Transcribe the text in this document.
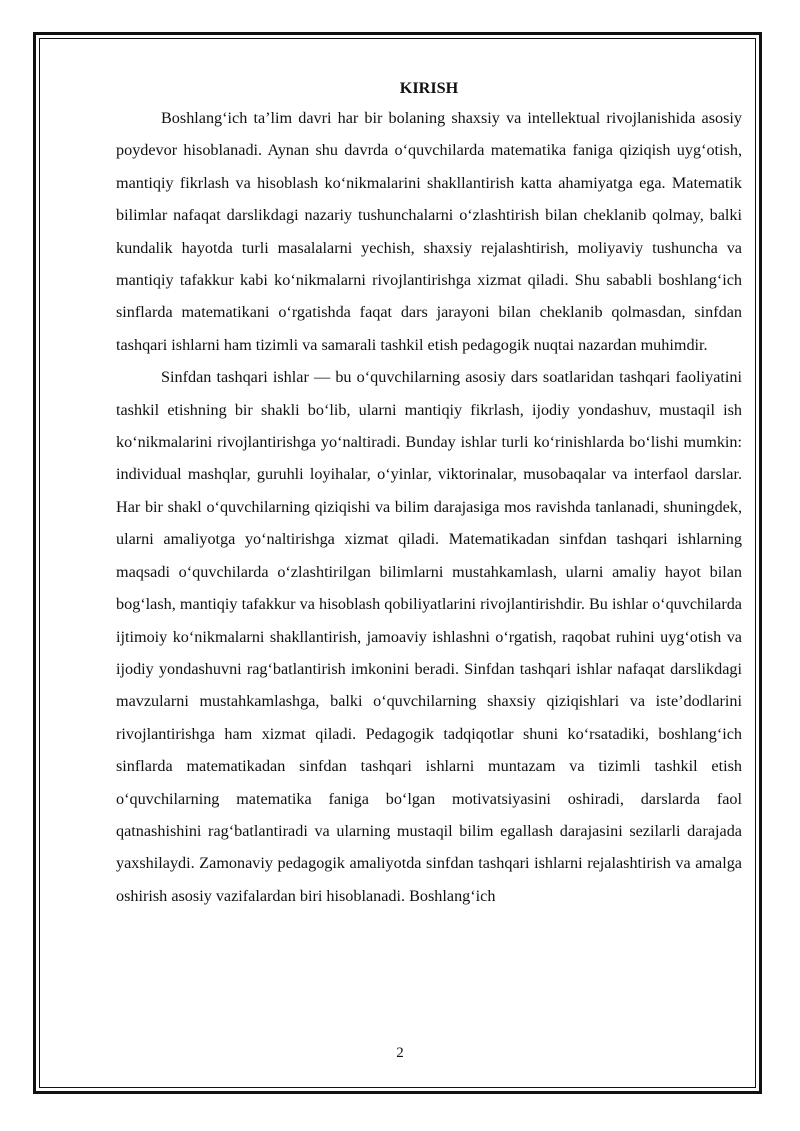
KIRISH

Boshlang‘ich ta’lim davri har bir bolaning shaxsiy va intellektual rivojlanishida asosiy poydevor hisoblanadi. Aynan shu davrda o‘quvchilarda matematika faniga qiziqish uyg‘otish, mantiqiy fikrlash va hisoblash ko‘nikmalarini shakllantirish katta ahamiyatga ega. Matematik bilimlar nafaqat darslikdagi nazariy tushunchalarni o‘zlashtirish bilan cheklanib qolmay, balki kundalik hayotda turli masalalarni yechish, shaxsiy rejalashtirish, moliyaviy tushuncha va mantiqiy tafakkur kabi ko‘nikmalarni rivojlantirishga xizmat qiladi. Shu sababli boshlang‘ich sinflarda matematikani o‘rgatishda faqat dars jarayoni bilan cheklanib qolmasdan, sinfdan tashqari ishlarni ham tizimli va samarali tashkil etish pedagogik nuqtai nazardan muhimdir.

Sinfdan tashqari ishlar — bu o‘quvchilarning asosiy dars soatlaridan tashqari faoliyatini tashkil etishning bir shakli bo‘lib, ularni mantiqiy fikrlash, ijodiy yondashuv, mustaqil ish ko‘nikmalarini rivojlantirishga yo‘naltiradi. Bunday ishlar turli ko‘rinishlarda bo‘lishi mumkin: individual mashqlar, guruhli loyihalar, o‘yinlar, viktorinalar, musobaqalar va interfaol darslar. Har bir shakl o‘quvchilarning qiziqishi va bilim darajasiga mos ravishda tanlanadi, shuningdek, ularni amaliyotga yo‘naltirishga xizmat qiladi. Matematikadan sinfdan tashqari ishlarning maqsadi o‘quvchilarda o‘zlashtirilgan bilimlarni mustahkamlash, ularni amaliy hayot bilan bog‘lash, mantiqiy tafakkur va hisoblash qobiliyatlarini rivojlantirishdir. Bu ishlar o‘quvchilarda ijtimoiy ko‘nikmalarni shakllantirish, jamoaviy ishlashni o‘rgatish, raqobat ruhini uyg‘otish va ijodiy yondashuvni rag‘batlantirish imkonini beradi. Sinfdan tashqari ishlar nafaqat darslikdagi mavzularni mustahkamlashga, balki o‘quvchilarning shaxsiy qiziqishlari va iste’dodlarini rivojlantirishga ham xizmat qiladi. Pedagogik tadqiqotlar shuni ko‘rsatadiki, boshlang‘ich sinflarda matematikadan sinfdan tashqari ishlarni muntazam va tizimli tashkil etish o‘quvchilarning matematika faniga bo‘lgan motivatsiyasini oshiradi, darslarda faol qatnashishini rag‘batlantiradi va ularning mustaqil bilim egallash darajasini sezilarli darajada yaxshilaydi. Zamonaviy pedagogik amaliyotda sinfdan tashqari ishlarni rejalashtirish va amalga oshirish asosiy vazifalardan biri hisoblanadi. Boshlang‘ich

2
